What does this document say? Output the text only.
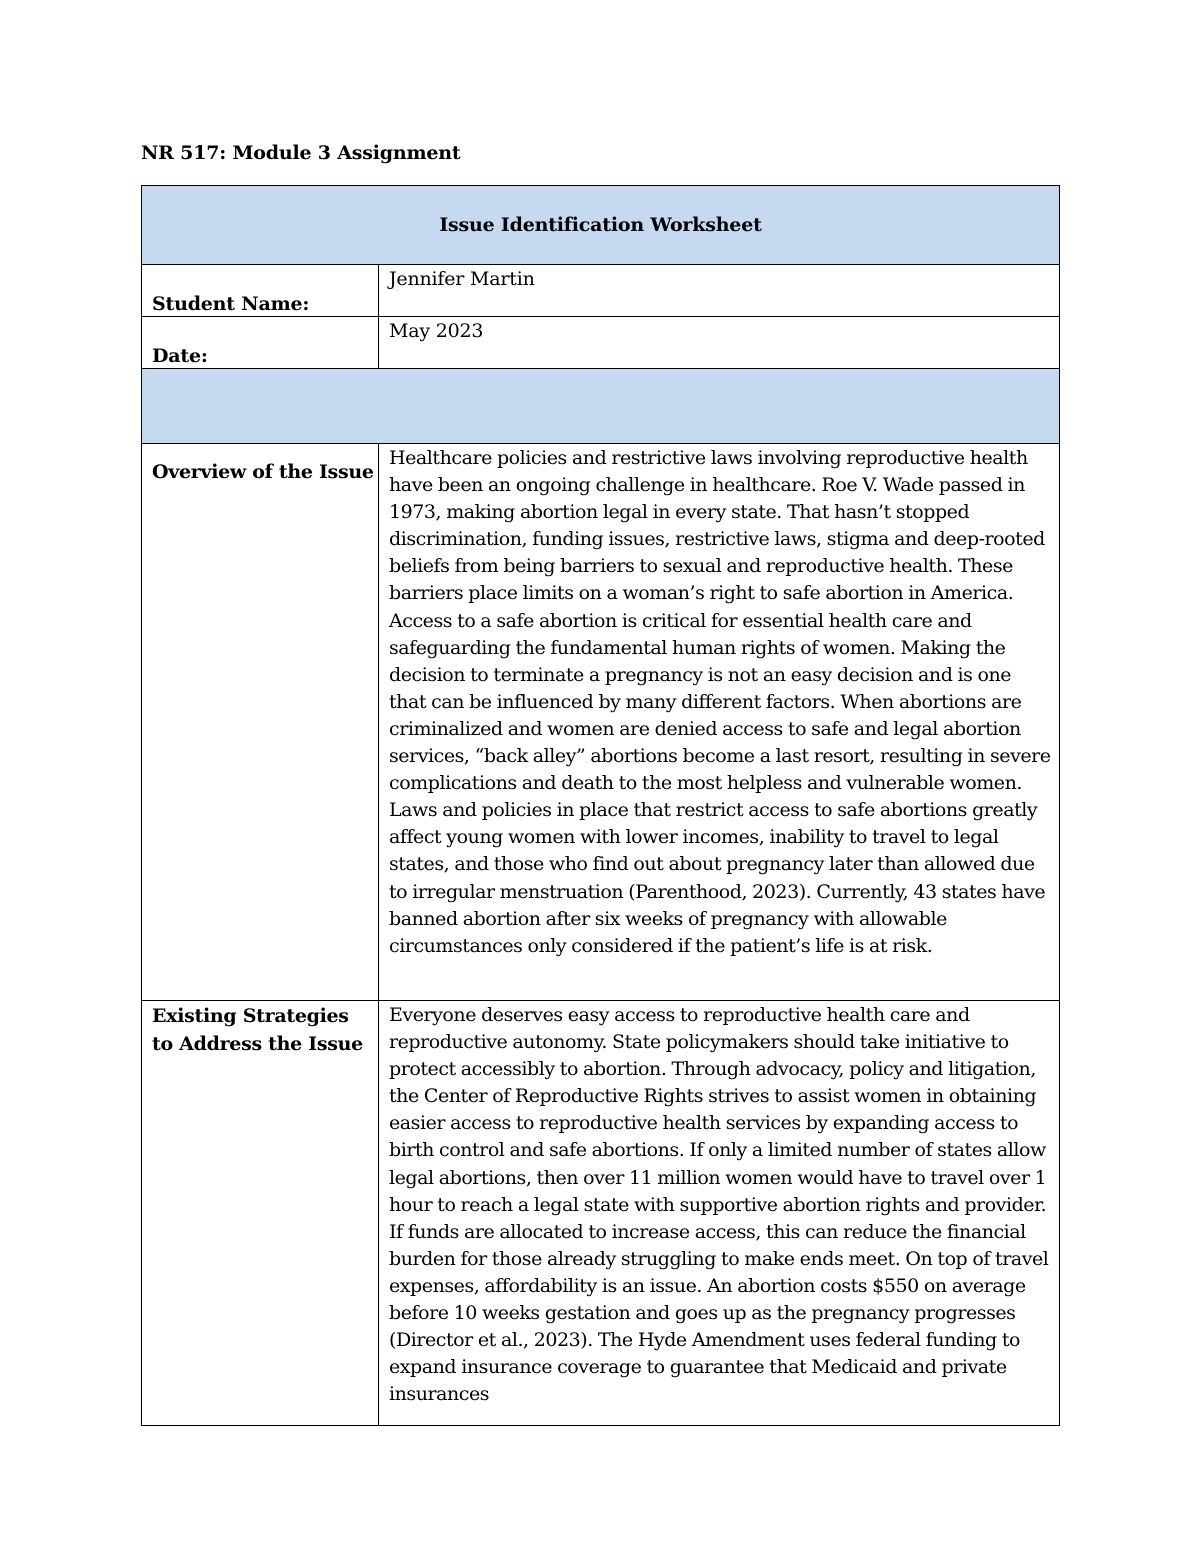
NR 517: Module 3 Assignment
Issue Identification Worksheet	

Student Name:	Jennifer Martin

Date:	May 2023

Overview of the Issue	Healthcare policies and restrictive laws involving reproductive health have been an ongoing challenge in healthcare. Roe V. Wade passed in 1973, making abortion legal in every state. That hasn’t stopped discrimination, funding issues, restrictive laws, stigma and deep-rooted beliefs from being barriers to sexual and reproductive health. These barriers place limits on a woman’s right to safe abortion in America. Access to a safe abortion is critical for essential health care and safeguarding the fundamental human rights of women. Making the decision to terminate a pregnancy is not an easy decision and is one that can be influenced by many different factors. When abortions are criminalized and women are denied access to safe and legal abortion services, “back alley” abortions become a last resort, resulting in severe complications and death to the most helpless and vulnerable women. Laws and policies in place that restrict access to safe abortions greatly affect young women with lower incomes, inability to travel to legal states, and those who find out about pregnancy later than allowed due to irregular menstruation (Parenthood, 2023). Currently, 43 states have banned abortion after six weeks of pregnancy with allowable circumstances only considered if the patient’s life is at risk.

Existing Strategies to Address the Issue	Everyone deserves easy access to reproductive health care and reproductive autonomy. State policymakers should take initiative to protect accessibly to abortion. Through advocacy, policy and litigation, the Center of Reproductive Rights strives to assist women in obtaining easier access to reproductive health services by expanding access to birth control and safe abortions. If only a limited number of states allow legal abortions, then over 11 million women would have to travel over 1 hour to reach a legal state with supportive abortion rights and provider. If funds are allocated to increase access, this can reduce the financial burden for those already struggling to make ends meet. On top of travel expenses, affordability is an issue. An abortion costs $550 on average before 10 weeks gestation and goes up as the pregnancy progresses (Director et al., 2023). The Hyde Amendment uses federal funding to expand insurance coverage to guarantee that Medicaid and private insurances
